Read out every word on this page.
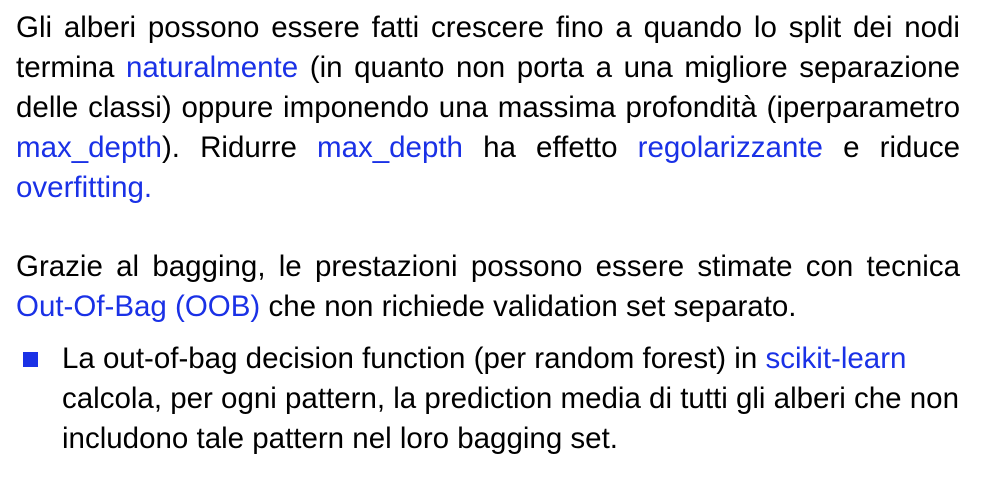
Gli alberi possono essere fatti crescere fino a quando lo split dei nodi termina naturalmente (in quanto non porta a una migliore separazione delle classi) oppure imponendo una massima profondità (iperparametro max_depth). Ridurre max_depth ha effetto regolarizzante e riduce overfitting.

Grazie al bagging, le prestazioni possono essere stimate con tecnica Out-Of-Bag (OOB) che non richiede validation set separato.

La out-of-bag decision function (per random forest) in scikit-learn calcola, per ogni pattern, la prediction media di tutti gli alberi che non includono tale pattern nel loro bagging set.
